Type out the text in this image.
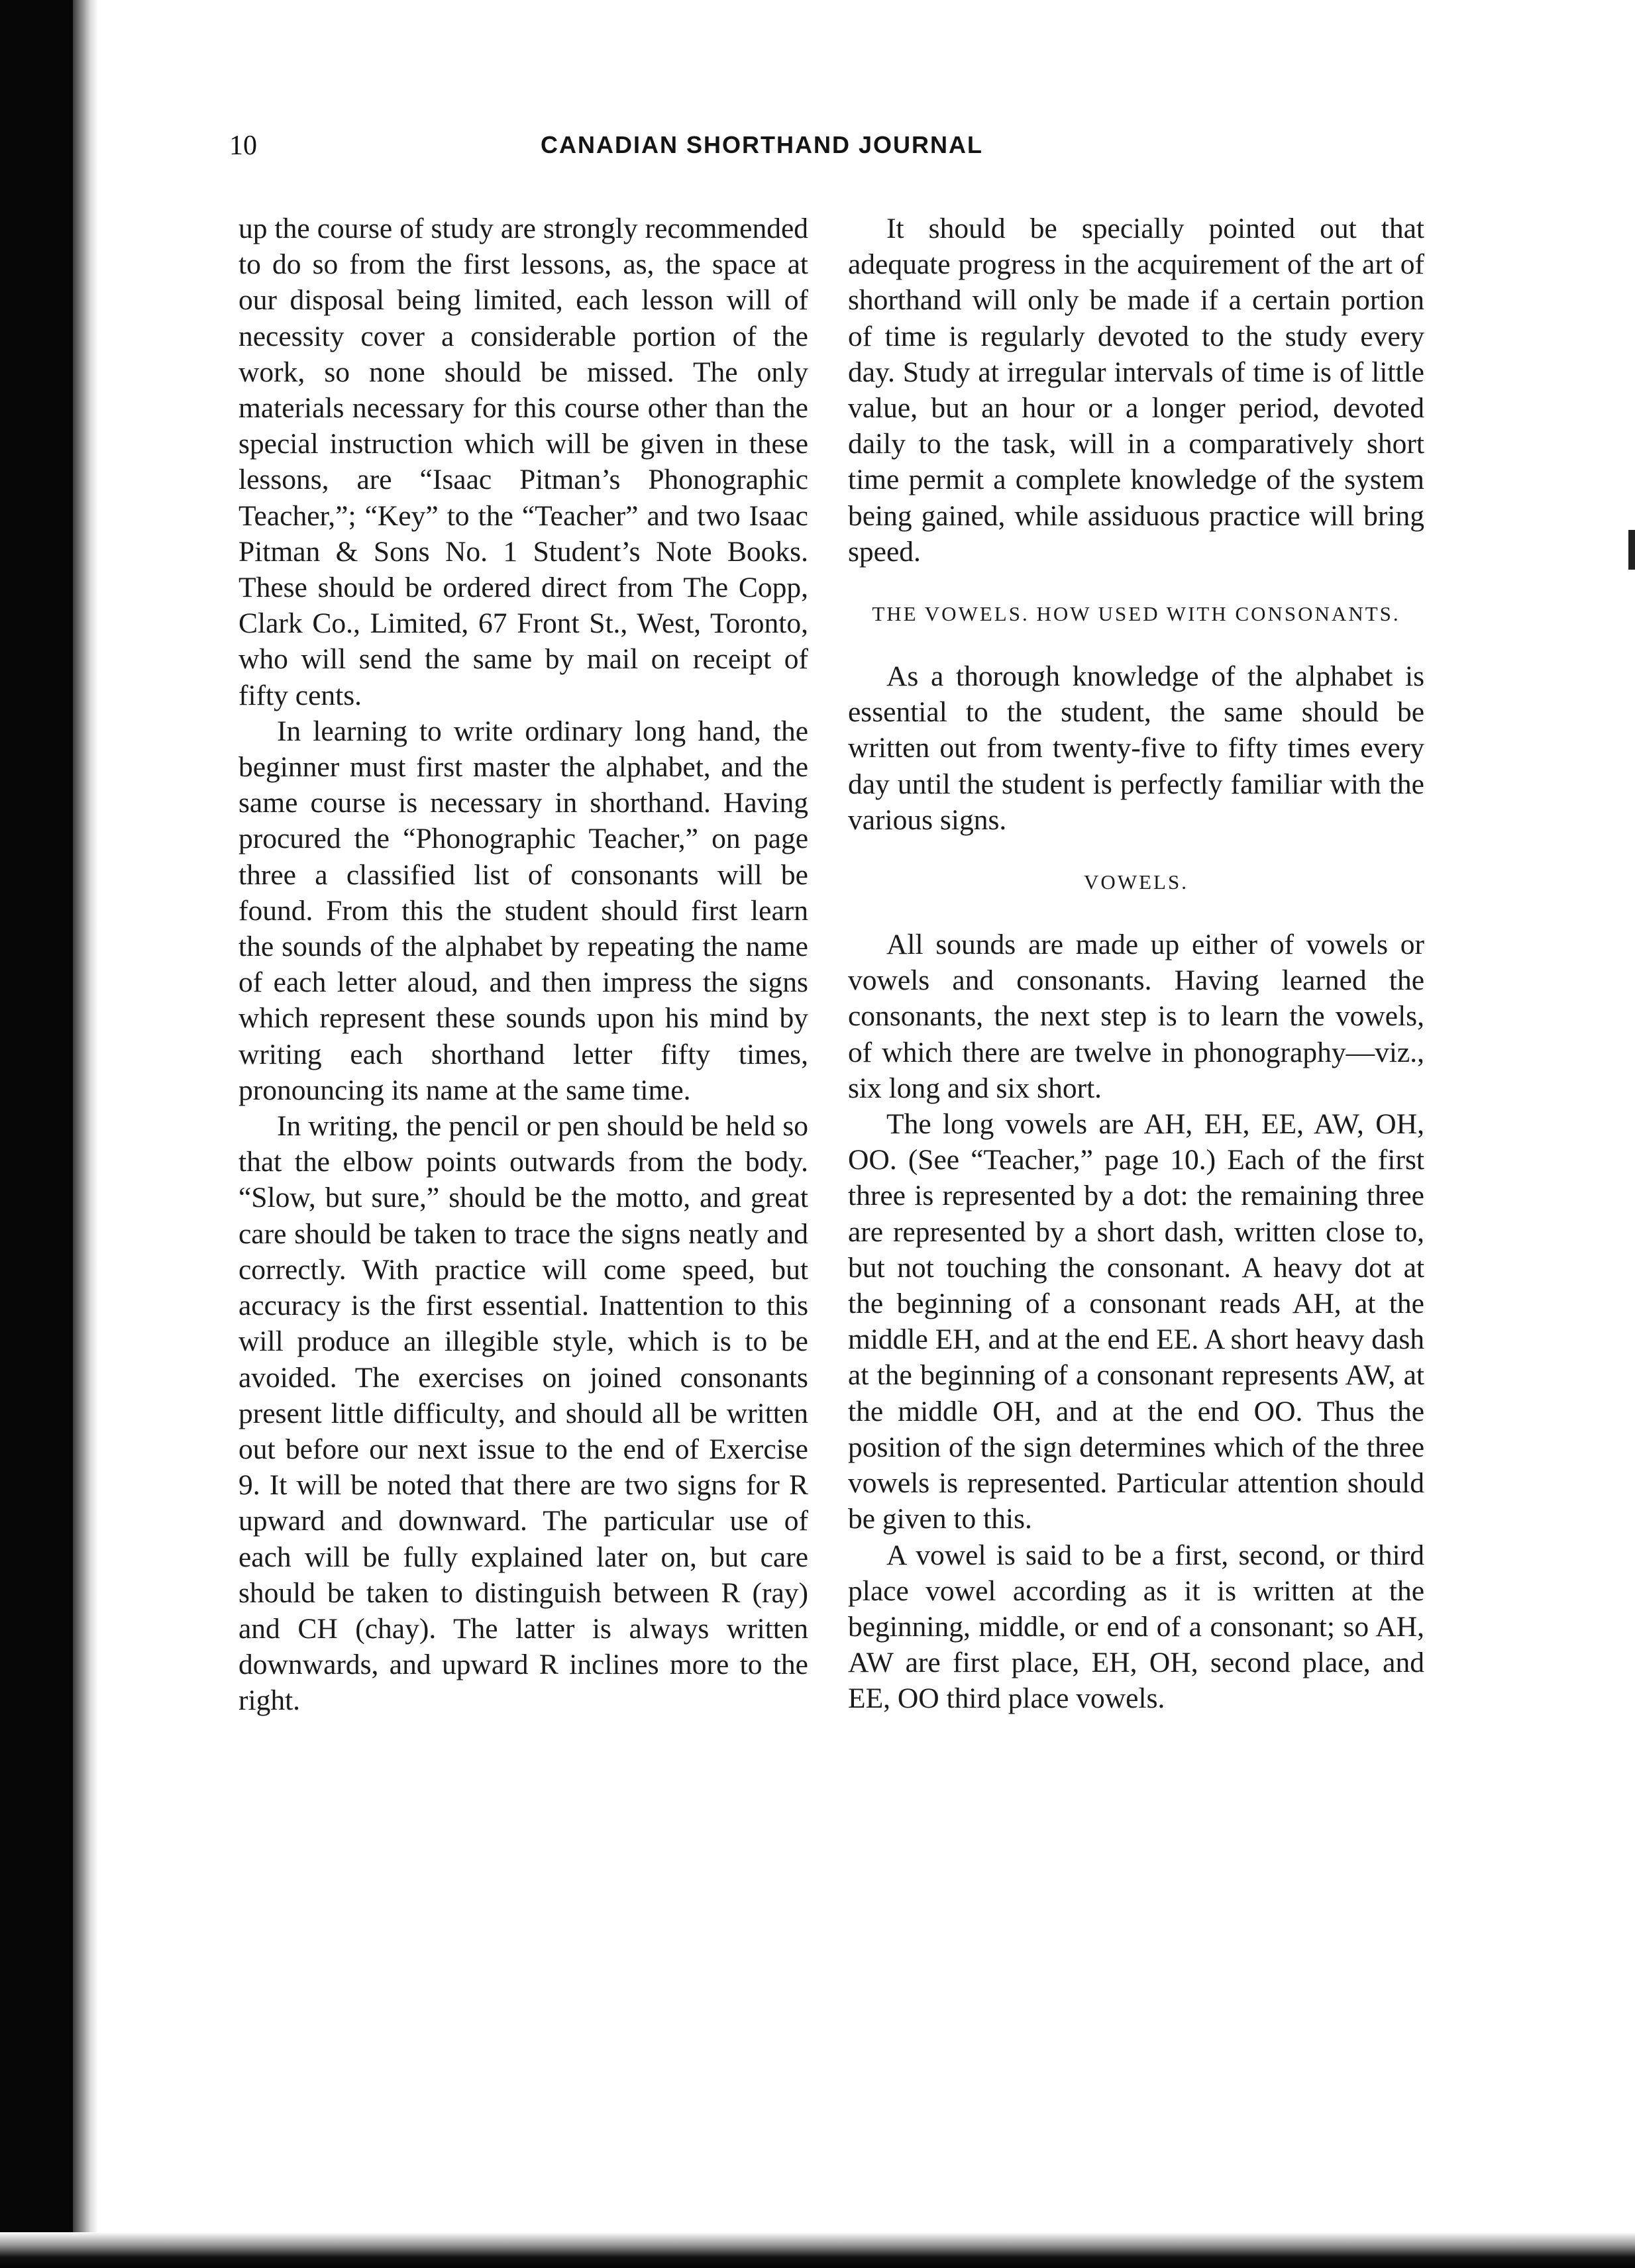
10	CANADIAN SHORTHAND JOURNAL

up the course of study are strongly recommended to do so from the first lessons, as, the space at our disposal being limited, each lesson will of necessity cover a considerable portion of the work, so none should be missed. The only materials necessary for this course other than the special instruction which will be given in these lessons, are “Isaac Pitman’s Phonographic Teacher,”; “Key” to the “Teacher” and two Isaac Pitman & Sons No. 1 Student’s Note Books. These should be ordered direct from The Copp, Clark Co., Limited, 67 Front St., West, Toronto, who will send the same by mail on receipt of fifty cents.

In learning to write ordinary long hand, the beginner must first master the alphabet, and the same course is necessary in shorthand. Having procured the “Phonographic Teacher,” on page three a classified list of consonants will be found. From this the student should first learn the sounds of the alphabet by repeating the name of each letter aloud, and then impress the signs which represent these sounds upon his mind by writing each shorthand letter fifty times, pronouncing its name at the same time.

In writing, the pencil or pen should be held so that the elbow points outwards from the body. “Slow, but sure,” should be the motto, and great care should be taken to trace the signs neatly and correctly. With practice will come speed, but accuracy is the first essential. Inattention to this will produce an illegible style, which is to be avoided. The exercises on joined consonants present little difficulty, and should all be written out before our next issue to the end of Exercise 9. It will be noted that there are two signs for R upward and downward. The particular use of each will be fully explained later on, but care should be taken to distinguish between R (ray) and CH (chay). The latter is always written downwards, and upward R inclines more to the right.

It should be specially pointed out that adequate progress in the acquirement of the art of shorthand will only be made if a certain portion of time is regularly devoted to the study every day. Study at irregular intervals of time is of little value, but an hour or a longer period, devoted daily to the task, will in a comparatively short time permit a complete knowledge of the system being gained, while assiduous practice will bring speed.

THE VOWELS. HOW USED WITH CONSONANTS.

As a thorough knowledge of the alphabet is essential to the student, the same should be written out from twenty-five to fifty times every day until the student is perfectly familiar with the various signs.

VOWELS.

All sounds are made up either of vowels or vowels and consonants. Having learned the consonants, the next step is to learn the vowels, of which there are twelve in phonography—viz., six long and six short.

The long vowels are AH, EH, EE, AW, OH, OO. (See “Teacher,” page 10.) Each of the first three is represented by a dot: the remaining three are represented by a short dash, written close to, but not touching the consonant. A heavy dot at the beginning of a consonant reads AH, at the middle EH, and at the end EE. A short heavy dash at the beginning of a consonant represents AW, at the middle OH, and at the end OO. Thus the position of the sign determines which of the three vowels is represented. Particular attention should be given to this.

A vowel is said to be a first, second, or third place vowel according as it is written at the beginning, middle, or end of a consonant; so AH, AW are first place, EH, OH, second place, and EE, OO third place vowels.
